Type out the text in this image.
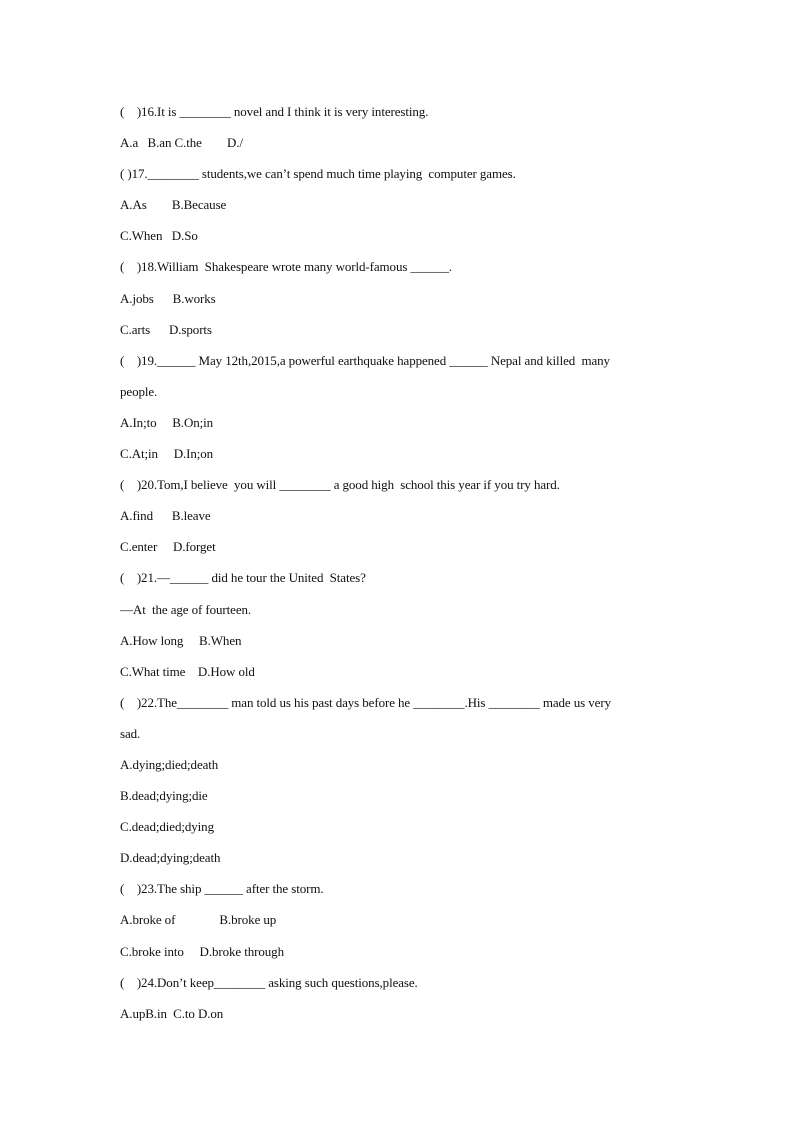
(    )16.It is ________ novel and I think it is very interesting.
A.a   B.an C.the        D./
( )17.________ students,we can’t spend much time playing  computer games.
A.As        B.Because
C.When   D.So
(    )18.William  Shakespeare wrote many world-famous ______.
A.jobs      B.works
C.arts      D.sports
(    )19.______ May 12th,2015,a powerful earthquake happened ______ Nepal and killed  many
people.
A.In;to     B.On;in
C.At;in     D.In;on
(    )20.Tom,I believe  you will ________ a good high  school this year if you try hard.
A.find      B.leave
C.enter     D.forget
(    )21.—______ did he tour the United  States?
—At  the age of fourteen.
A.How long     B.When
C.What time    D.How old
(    )22.The________ man told us his past days before he ________.His ________ made us very
sad.
A.dying;died;death
B.dead;dying;die
C.dead;died;dying
D.dead;dying;death
(    )23.The ship ______ after the storm.
A.broke of              B.broke up
C.broke into     D.broke through
(    )24.Don’t keep________ asking such questions,please.
A.upB.in  C.to D.on
